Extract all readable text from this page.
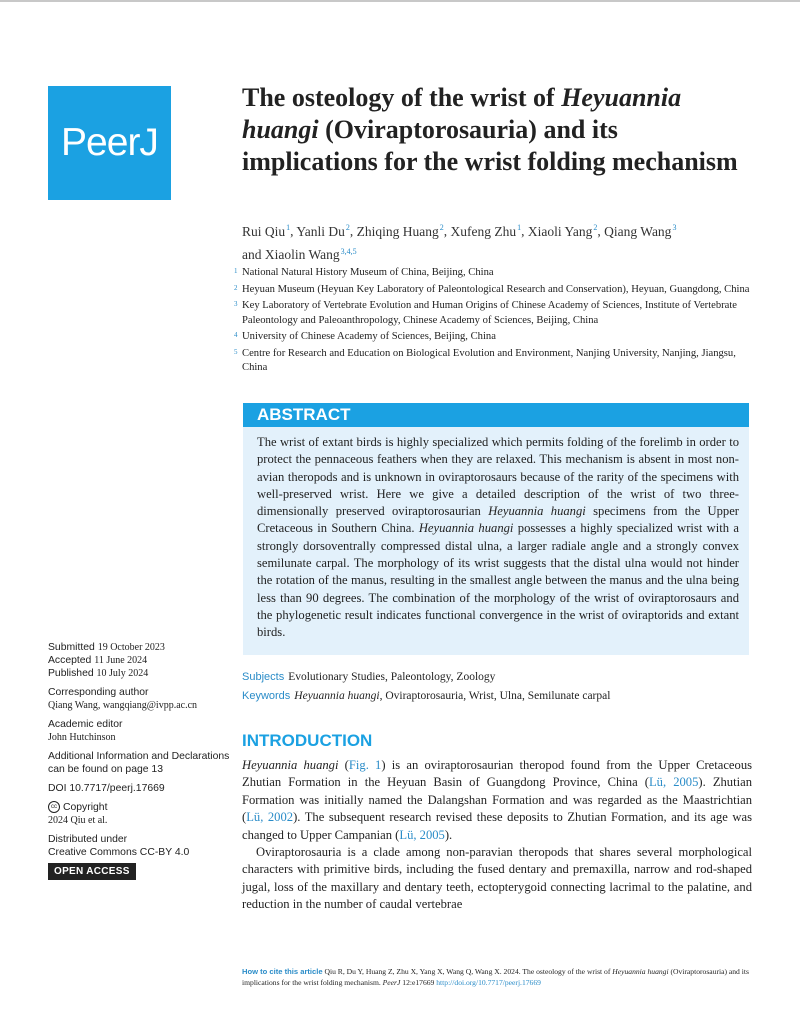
PeerJ
The osteology of the wrist of Heyuannia huangi (Oviraptorosauria) and its implications for the wrist folding mechanism
Rui Qiu$^1$, Yanli Du$^2$, Zhiqing Huang$^2$, Xufeng Zhu$^1$, Xiaoli Yang$^2$, Qiang Wang$^3$
and Xiaolin Wang$^{3,4,5}$
1 National Natural History Museum of China, Beijing, China
2 Heyuan Museum (Heyuan Key Laboratory of Paleontological Research and Conservation), Heyuan, Guangdong, China
3 Key Laboratory of Vertebrate Evolution and Human Origins of Chinese Academy of Sciences, Institute of Vertebrate Paleontology and Paleoanthropology, Chinese Academy of Sciences, Beijing, China
4 University of Chinese Academy of Sciences, Beijing, China
5 Centre for Research and Education on Biological Evolution and Environment, Nanjing University, Nanjing, Jiangsu, China
ABSTRACT

The wrist of extant birds is highly specialized which permits folding of the forelimb in order to protect the pennaceous feathers when they are relaxed. This mechanism is absent in most non-avian theropods and is unknown in oviraptorosaurs because of the rarity of the specimens with well-preserved wrist. Here we give a detailed description of the wrist of two three-dimensionally preserved oviraptorosaurian Heyuannia huangi specimens from the Upper Cretaceous in Southern China. Heyuannia huangi possesses a highly specialized wrist with a strongly dorsoventrally compressed distal ulna, a larger radiale angle and a strongly convex semilunate carpal. The morphology of its wrist suggests that the distal ulna would not hinder the rotation of the manus, resulting in the smallest angle between the manus and the ulna being less than 90 degrees. The combination of the morphology of the wrist of oviraptorosaurs and the phylogenetic result indicates functional convergence in the wrist of oviraptorids and extant birds.

Subjects Evolutionary Studies, Paleontology, Zoology
Keywords Heyuannia huangi, Oviraptorosauria, Wrist, Ulna, Semilunate carpal
INTRODUCTION

Heyuannia huangi (Fig. 1) is an oviraptorosaurian theropod found from the Upper Cretaceous Zhutian Formation in the Heyuan Basin of Guangdong Province, China (Lü, 2005). Zhutian Formation was initially named the Dalangshan Formation and was regarded as the Maastrichtian (Lü, 2002). The subsequent research revised these deposits to Zhutian Formation, and its age was changed to Upper Campanian (Lü, 2005).

Oviraptorosauria is a clade among non-paravian theropods that shares several morphological characters with primitive birds, including the fused dentary and premaxilla, narrow and rod-shaped jugal, loss of the maxillary and dentary teeth, ectopterygoid connecting lacrimal to the palatine, and reduction in the number of caudal vertebrae

Submitted 19 October 2023
Accepted 11 June 2024
Published 10 July 2024
Corresponding author
Qiang Wang, wangqiang@ivpp.ac.cn
Academic editor
John Hutchinson
Additional Information and Declarations can be found on page 13
DOI 10.7717/peerj.17669
cc Copyright
2024 Qiu et al.
Distributed under
Creative Commons CC-BY 4.0
OPEN ACCESS
How to cite this article Qiu R, Du Y, Huang Z, Zhu X, Yang X, Wang Q, Wang X. 2024. The osteology of the wrist of Heyuannia huangi (Oviraptorosauria) and its implications for the wrist folding mechanism. PeerJ 12:e17669 http://doi.org/10.7717/peerj.17669
